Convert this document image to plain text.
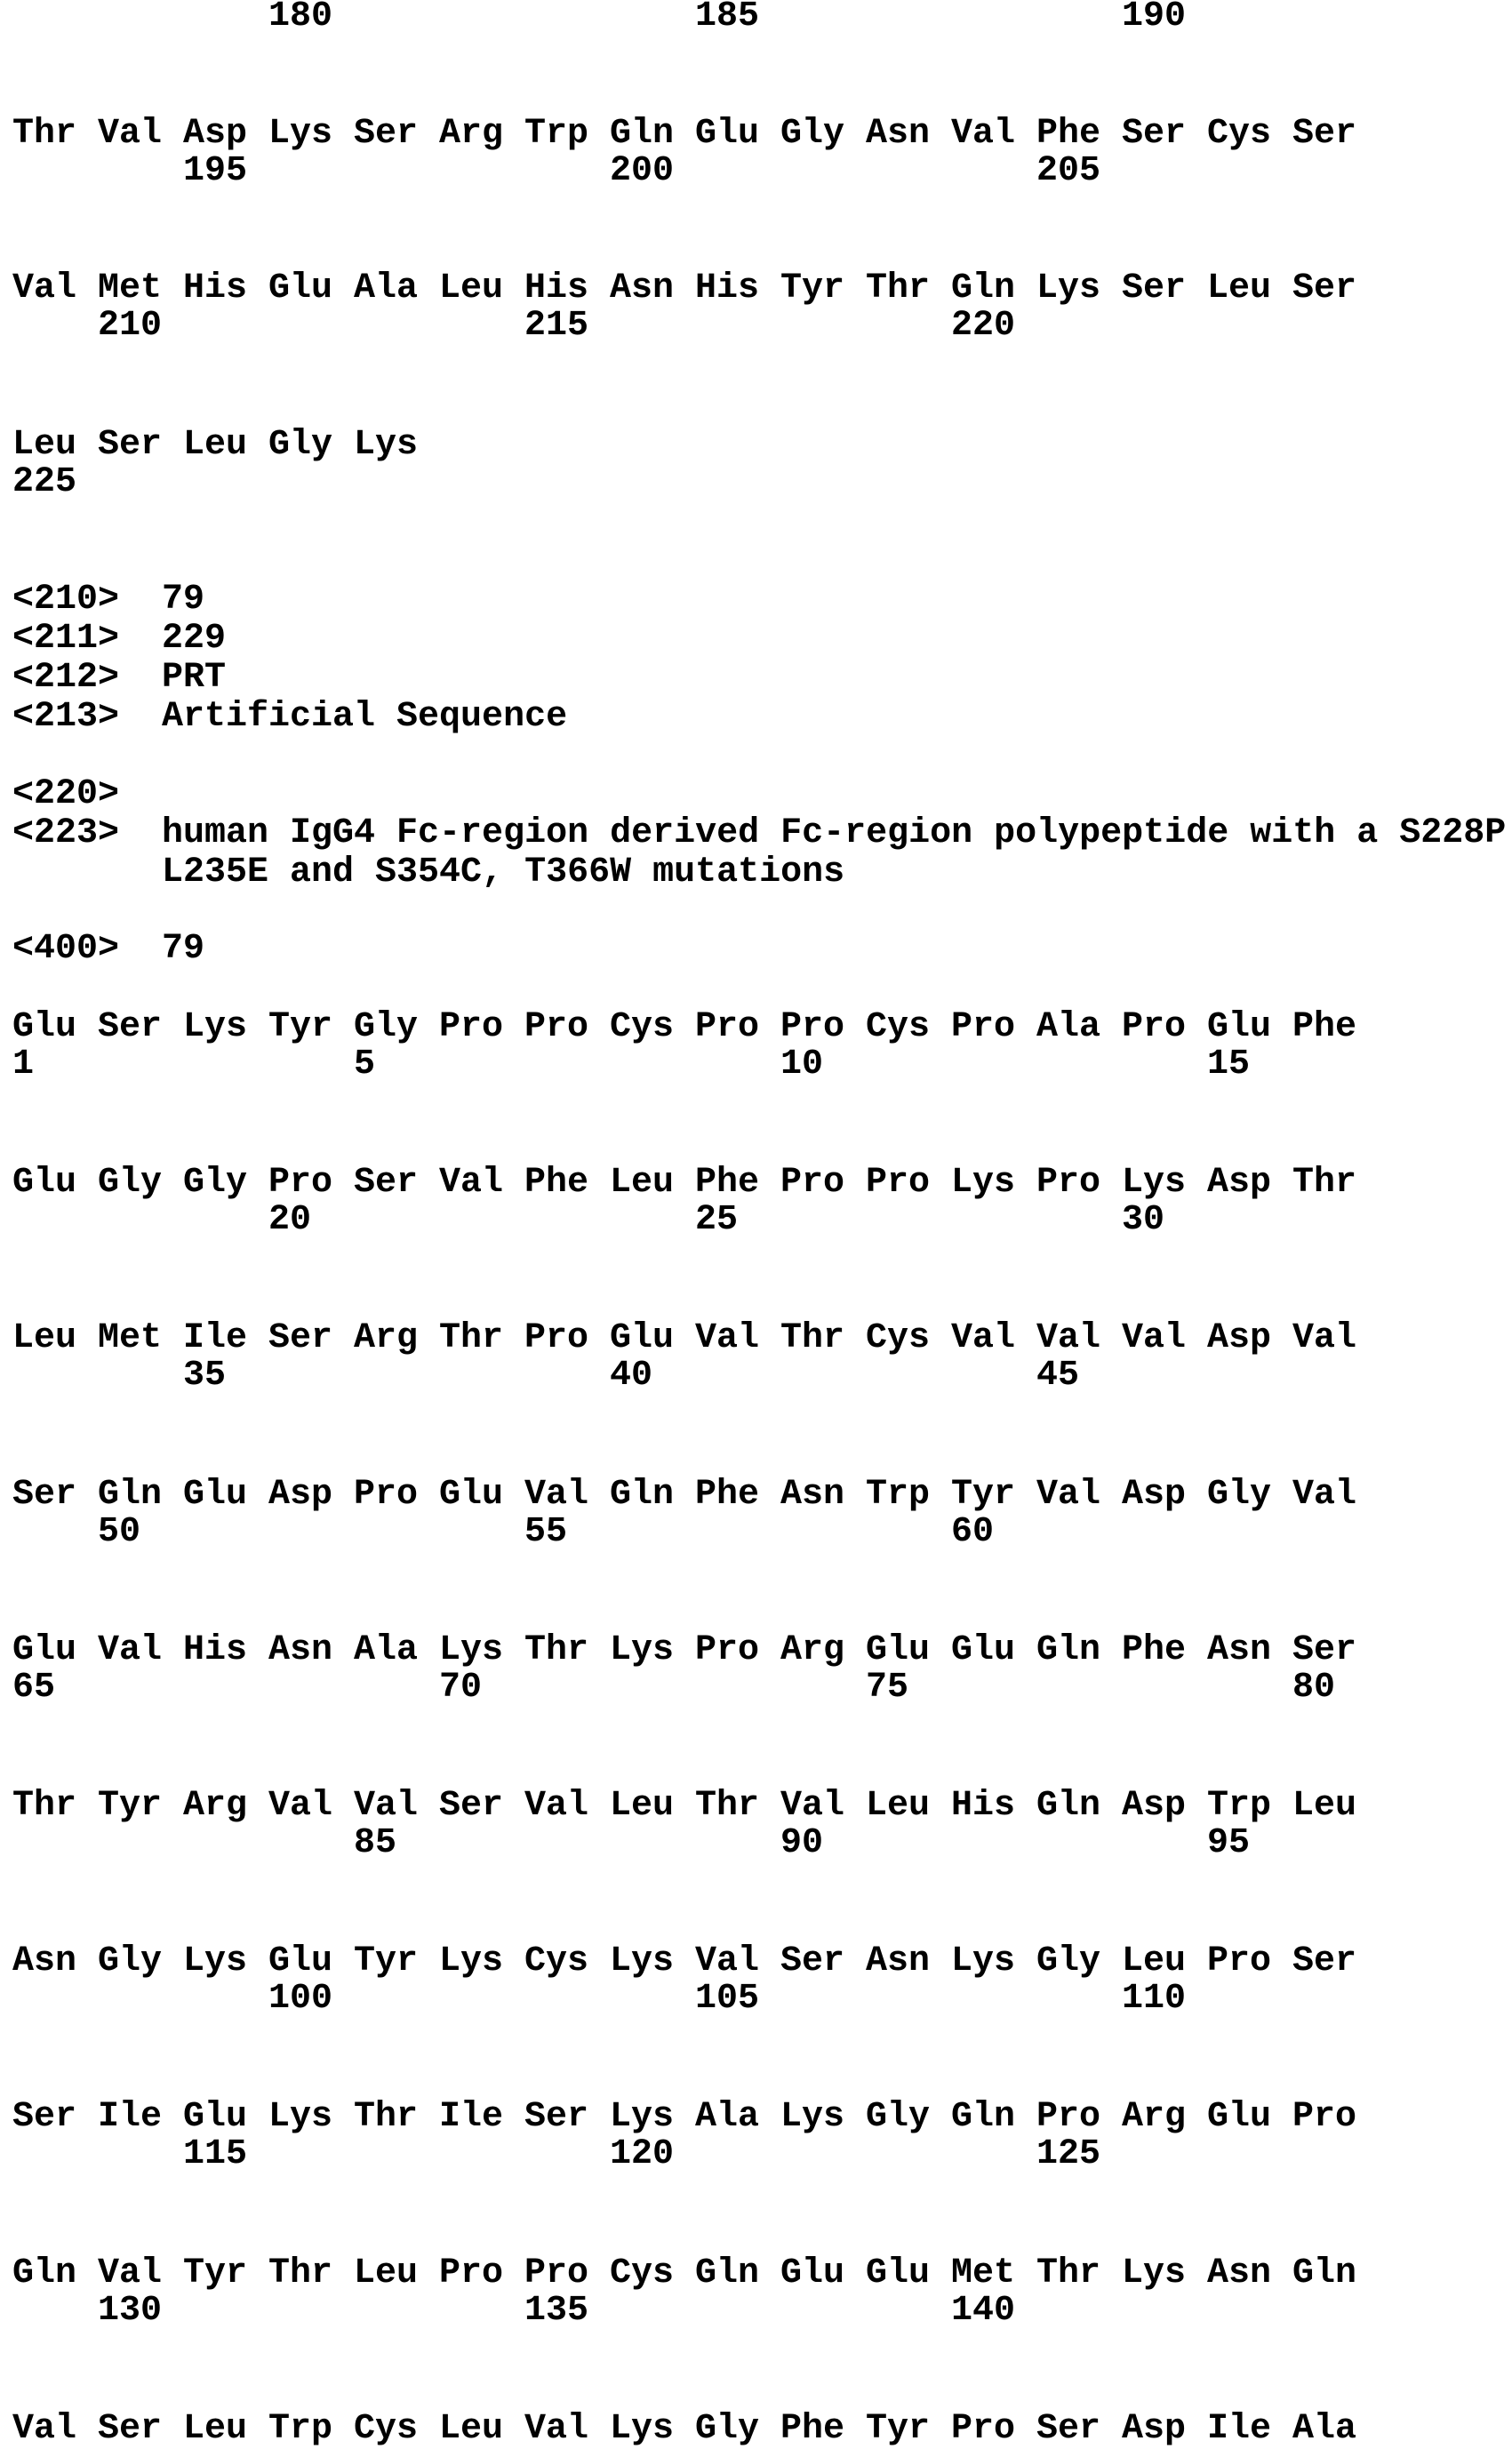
180	185	190
Thr Val Asp Lys Ser Arg Trp Gln Glu Gly Asn Val Phe Ser Cys Ser
195	200	205
Val Met His Glu Ala Leu His Asn His Tyr Thr Gln Lys Ser Leu Ser
210	215	220
Leu Ser Leu Gly Lys
225
<210> 79
<211> 229
<212> PRT
<213> Artificial Sequence
<220>
<223> human IgG4 Fc-region derived Fc-region polypeptide with a S228P
L235E and S354C, T366W mutations
<400> 79
Glu Ser Lys Tyr Gly Pro Pro Cys Pro Pro Cys Pro Ala Pro Glu Phe
1	5	10	15
Glu Gly Gly Pro Ser Val Phe Leu Phe Pro Pro Lys Pro Lys Asp Thr
20	25	30
Leu Met Ile Ser Arg Thr Pro Glu Val Thr Cys Val Val Val Asp Val
35	40	45
Ser Gln Glu Asp Pro Glu Val Gln Phe Asn Trp Tyr Val Asp Gly Val
50	55	60
Glu Val His Asn Ala Lys Thr Lys Pro Arg Glu Glu Gln Phe Asn Ser
65	70	75	80
Thr Tyr Arg Val Val Ser Val Leu Thr Val Leu His Gln Asp Trp Leu
85	90	95
Asn Gly Lys Glu Tyr Lys Cys Lys Val Ser Asn Lys Gly Leu Pro Ser
100	105	110
Ser Ile Glu Lys Thr Ile Ser Lys Ala Lys Gly Gln Pro Arg Glu Pro
115	120	125
Gln Val Tyr Thr Leu Pro Pro Cys Gln Glu Glu Met Thr Lys Asn Gln
130	135	140
Val Ser Leu Trp Cys Leu Val Lys Gly Phe Tyr Pro Ser Asp Ile Ala
